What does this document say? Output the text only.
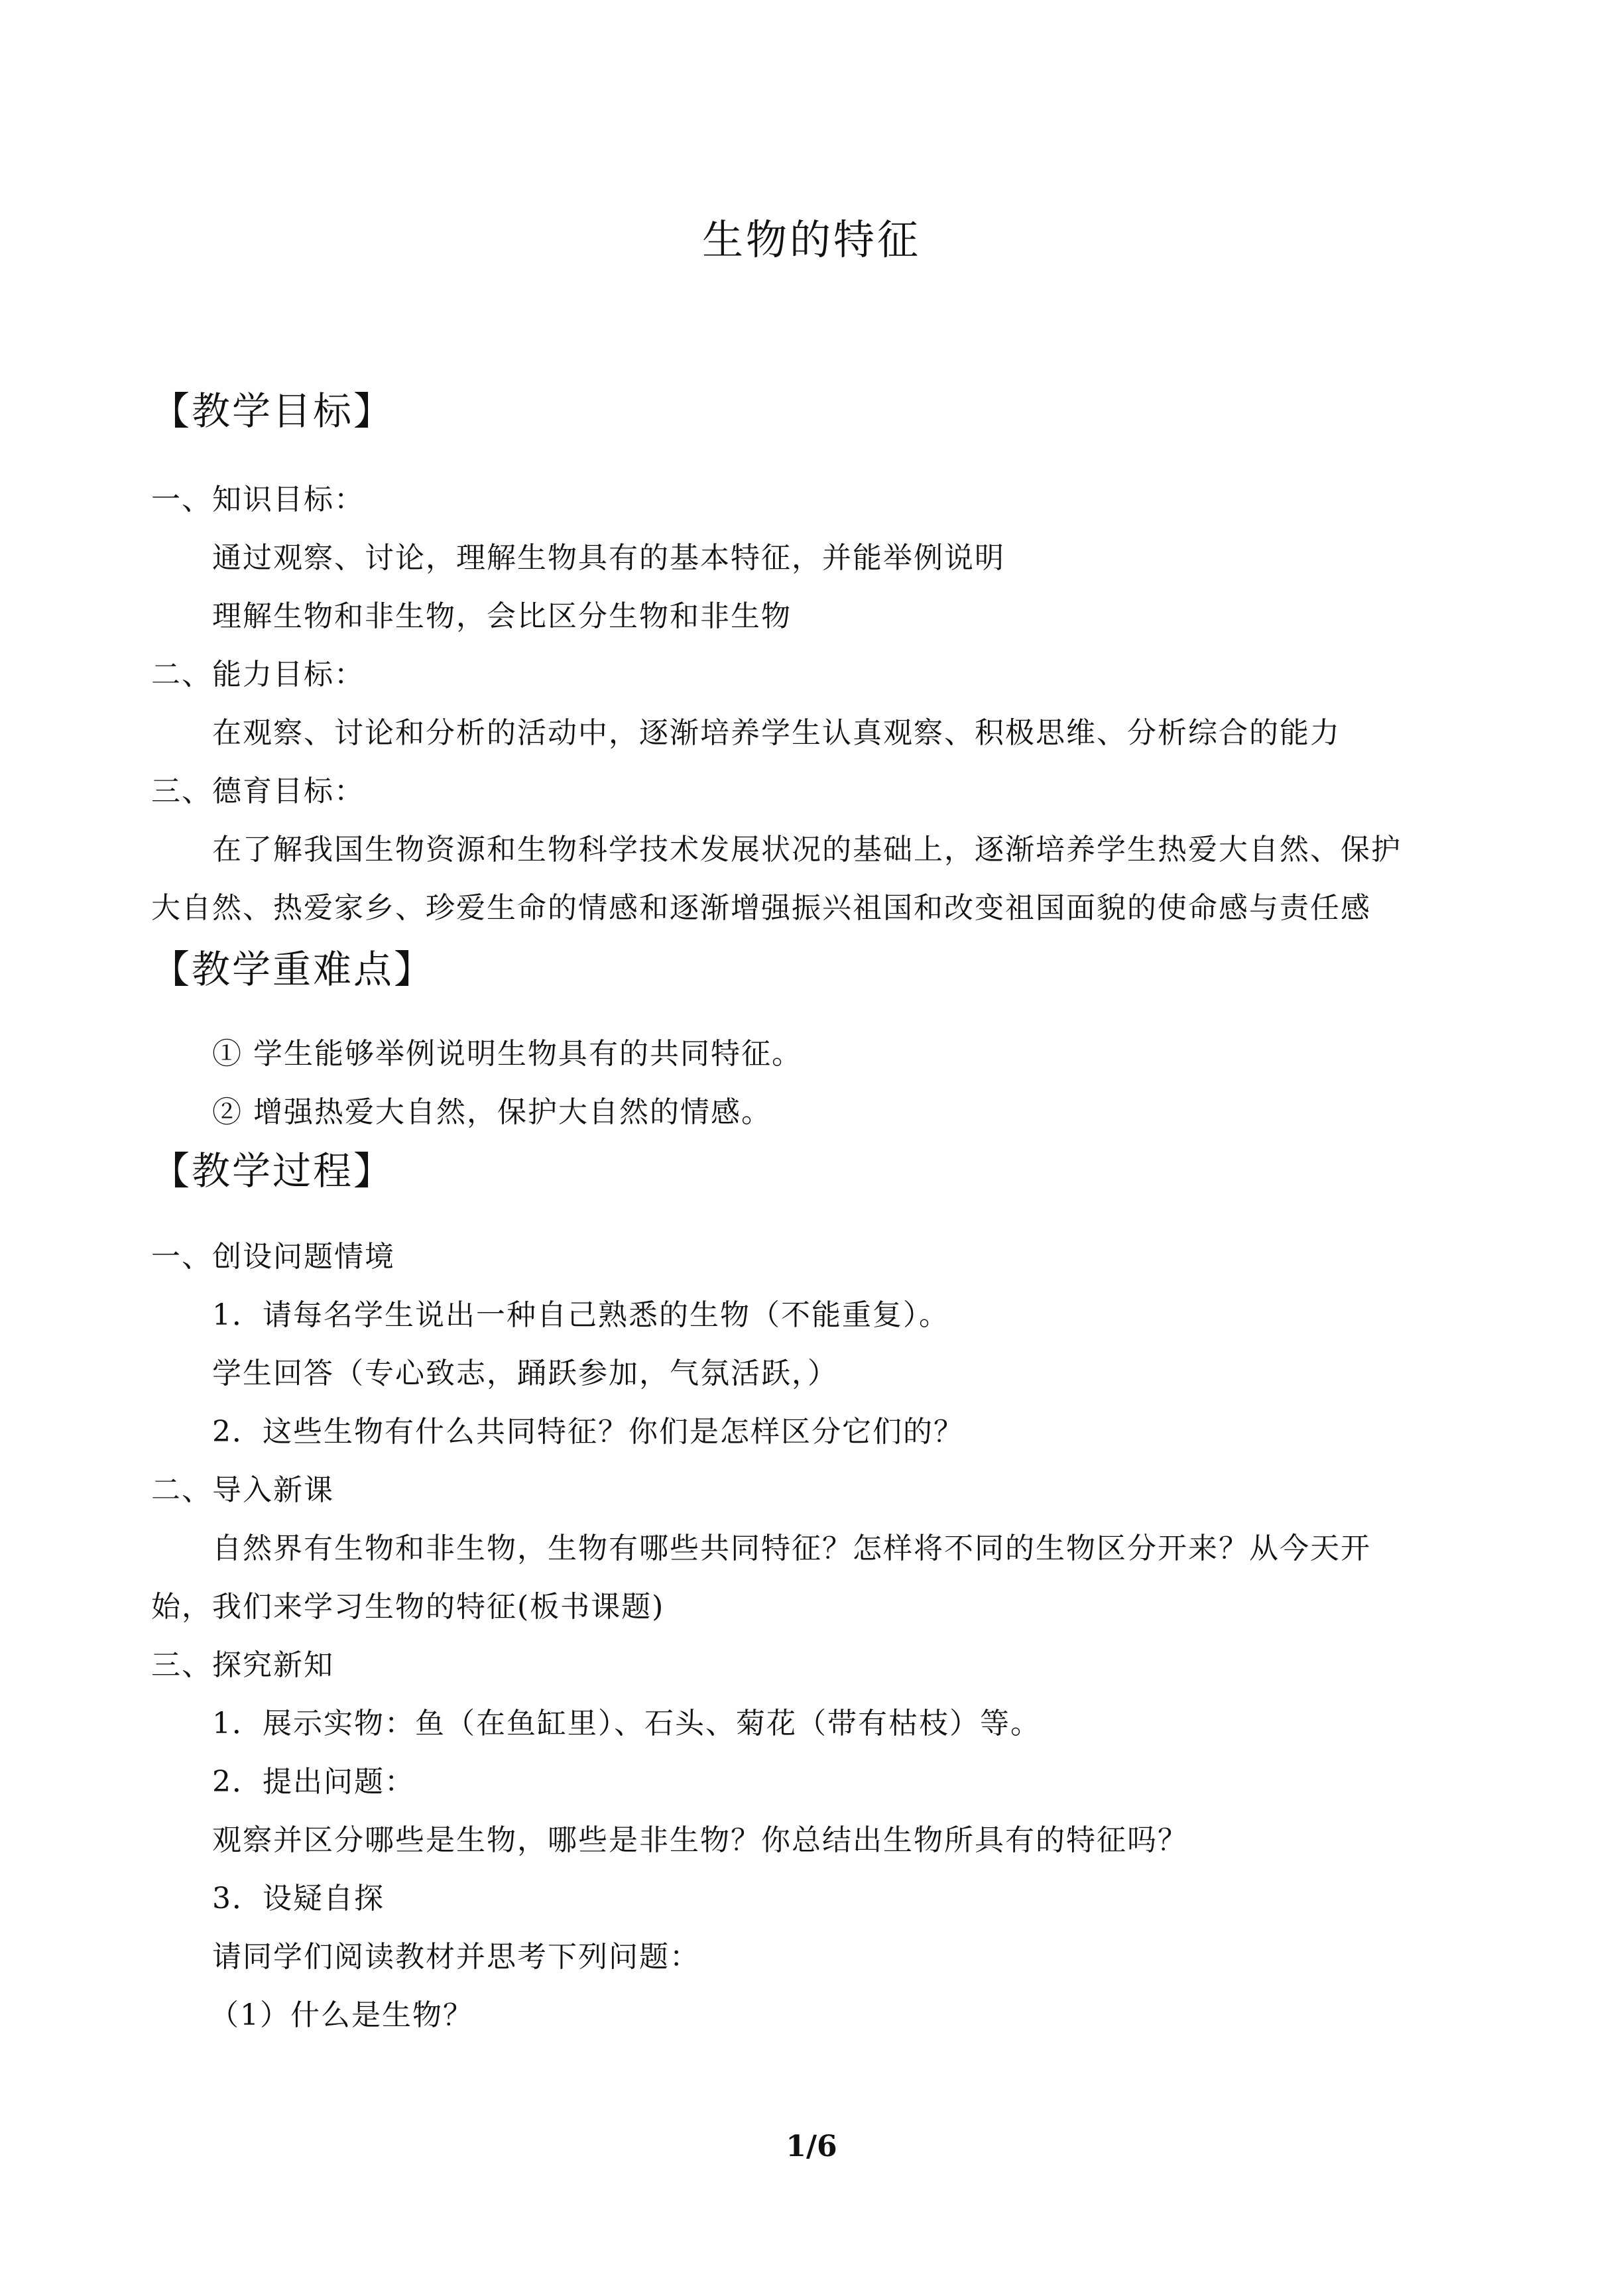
生物的特征
【教学目标】
一、知识目标：
通过观察、讨论，理解生物具有的基本特征，并能举例说明
理解生物和非生物，会比区分生物和非生物
二、能力目标：
在观察、讨论和分析的活动中，逐渐培养学生认真观察、积极思维、分析综合的能力
三、德育目标：
在了解我国生物资源和生物科学技术发展状况的基础上，逐渐培养学生热爱大自然、保护
大自然、热爱家乡、珍爱生命的情感和逐渐增强振兴祖国和改变祖国面貌的使命感与责任感
【教学重难点】
① 学生能够举例说明生物具有的共同特征。
② 增强热爱大自然，保护大自然的情感。
【教学过程】
一、创设问题情境
1．请每名学生说出一种自己熟悉的生物（不能重复）。
学生回答（专心致志，踊跃参加，气氛活跃，）
2．这些生物有什么共同特征？你们是怎样区分它们的？
二、导入新课
自然界有生物和非生物，生物有哪些共同特征？怎样将不同的生物区分开来？从今天开
始，我们来学习生物的特征(板书课题)
三、探究新知
1．展示实物：鱼（在鱼缸里）、石头、菊花（带有枯枝）等。
2．提出问题：
观察并区分哪些是生物，哪些是非生物？你总结出生物所具有的特征吗？
3．设疑自探
请同学们阅读教材并思考下列问题：
（1）什么是生物？
1/6
